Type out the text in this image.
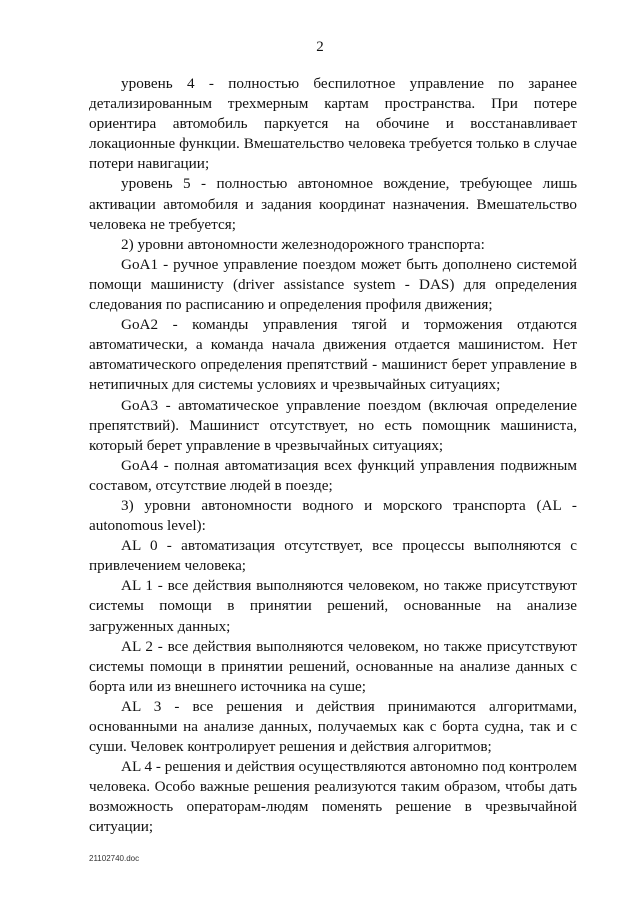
2

уровень 4 - полностью беспилотное управление по заранее детализированным трехмерным картам пространства. При потере ориентира автомобиль паркуется на обочине и восстанавливает локационные функции. Вмешательство человека требуется только в случае потери навигации;

уровень 5 - полностью автономное вождение, требующее лишь активации автомобиля и задания координат назначения. Вмешательство человека не требуется;

2) уровни автономности железнодорожного транспорта:

GoA1 - ручное управление поездом может быть дополнено системой помощи машинисту (driver assistance system - DAS) для определения следования по расписанию и определения профиля движения;

GoA2 - команды управления тягой и торможения отдаются автоматически, а команда начала движения отдается машинистом. Нет автоматического определения препятствий - машинист берет управление в нетипичных для системы условиях и чрезвычайных ситуациях;

GoA3 - автоматическое управление поездом (включая определение препятствий). Машинист отсутствует, но есть помощник машиниста, который берет управление в чрезвычайных ситуациях;

GoA4 - полная автоматизация всех функций управления подвижным составом, отсутствие людей в поезде;

3) уровни автономности водного и морского транспорта (AL - autonomous level):

AL 0 - автоматизация отсутствует, все процессы выполняются с привлечением человека;

AL 1 - все действия выполняются человеком, но также присутствуют системы помощи в принятии решений, основанные на анализе загруженных данных;

AL 2 - все действия выполняются человеком, но также присутствуют системы помощи в принятии решений, основанные на анализе данных с борта или из внешнего источника на суше;

AL 3 - все решения и действия принимаются алгоритмами, основанными на анализе данных, получаемых как с борта судна, так и с суши. Человек контролирует решения и действия алгоритмов;

AL 4 - решения и действия осуществляются автономно под контролем человека. Особо важные решения реализуются таким образом, чтобы дать возможность операторам-людям поменять решение в чрезвычайной ситуации;

21102740.doc
